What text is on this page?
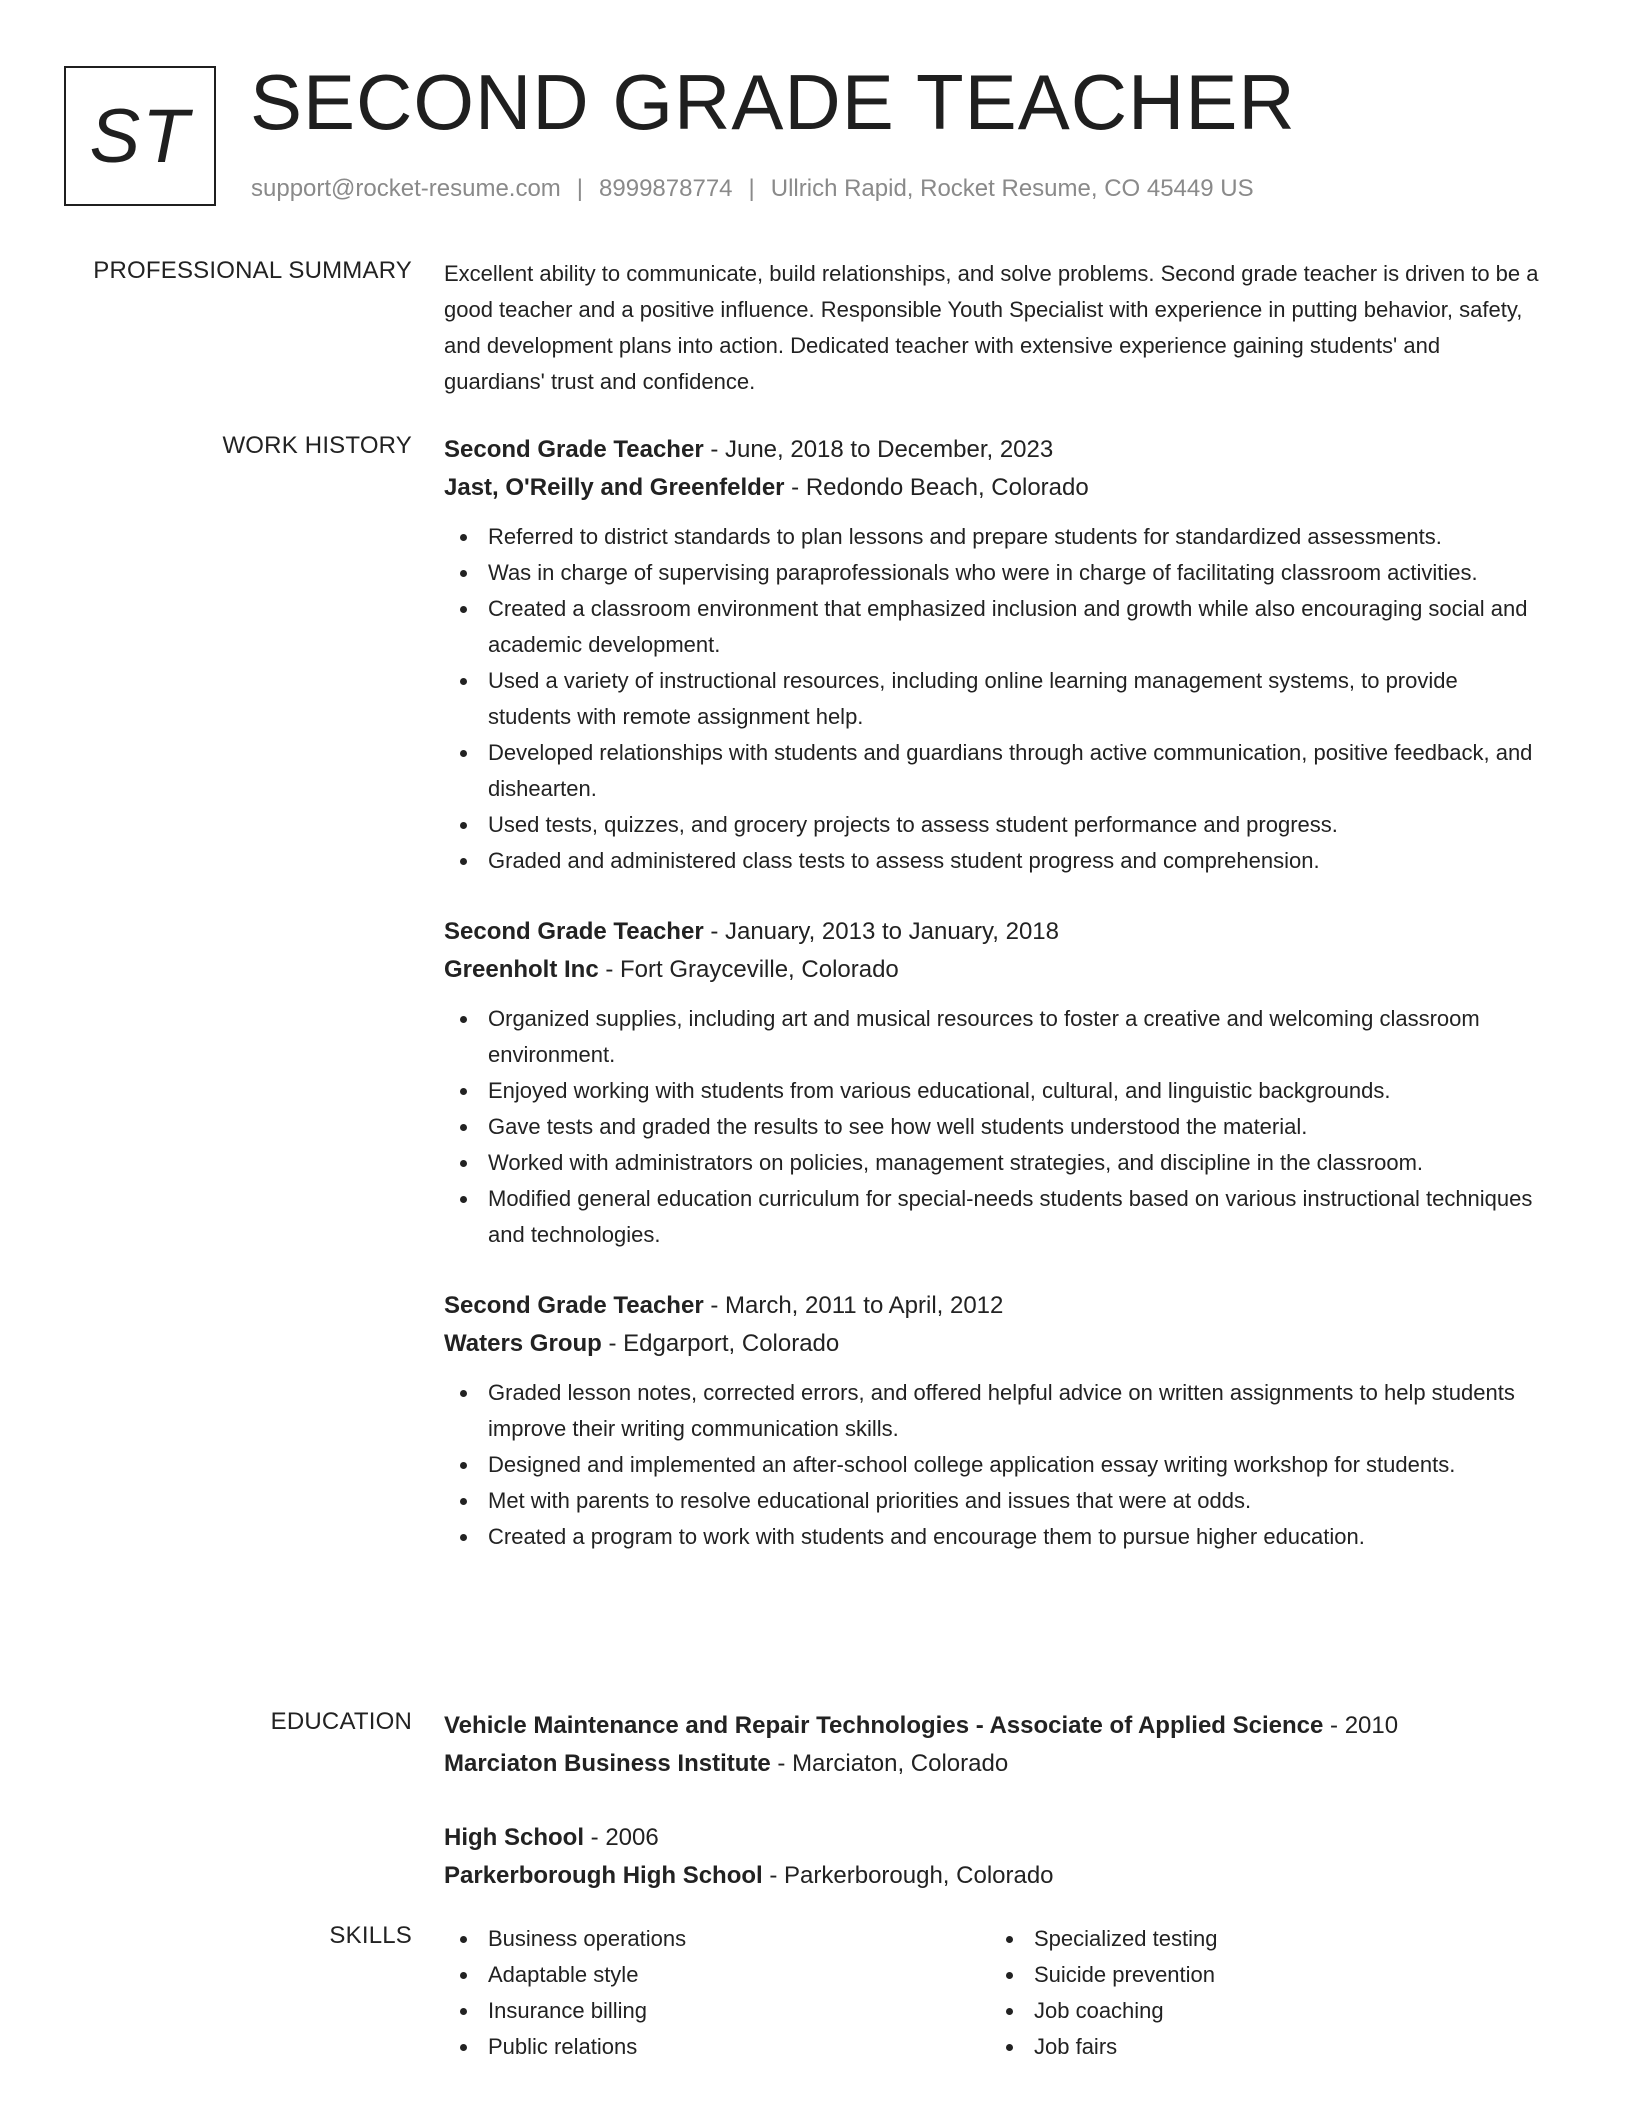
ST SECOND GRADE TEACHER
support@rocket-resume.com | 8999878774 | Ullrich Rapid, Rocket Resume, CO 45449 US
PROFESSIONAL SUMMARY Excellent ability to communicate, build relationships, and solve problems. Second grade teacher is driven to be a good teacher and a positive influence. Responsible Youth Specialist with experience in putting behavior, safety, and development plans into action. Dedicated teacher with extensive experience gaining students' and guardians' trust and confidence.

WORK HISTORY Second Grade Teacher - June, 2018 to December, 2023

Jast, O'Reilly and Greenfelder - Redondo Beach, Colorado

Referred to district standards to plan lessons and prepare students for standardized assessments.
Was in charge of supervising paraprofessionals who were in charge of facilitating classroom activities.
Created a classroom environment that emphasized inclusion and growth while also encouraging social and academic development.
Used a variety of instructional resources, including online learning management systems, to provide students with remote assignment help.
Developed relationships with students and guardians through active communication, positive feedback, and dishearten.
Used tests, quizzes, and grocery projects to assess student performance and progress.
Graded and administered class tests to assess student progress and comprehension.

Second Grade Teacher - January, 2013 to January, 2018

Greenholt Inc - Fort Grayceville, Colorado

Organized supplies, including art and musical resources to foster a creative and welcoming classroom environment.
Enjoyed working with students from various educational, cultural, and linguistic backgrounds.
Gave tests and graded the results to see how well students understood the material.
Worked with administrators on policies, management strategies, and discipline in the classroom.
Modified general education curriculum for special-needs students based on various instructional techniques and technologies.

Second Grade Teacher - March, 2011 to April, 2012

Waters Group - Edgarport, Colorado

Graded lesson notes, corrected errors, and offered helpful advice on written assignments to help students improve their writing communication skills.
Designed and implemented an after-school college application essay writing workshop for students.
Met with parents to resolve educational priorities and issues that were at odds.
Created a program to work with students and encourage them to pursue higher education.
EDUCATION Vehicle Maintenance and Repair Technologies - Associate of Applied Science - 2010

Marciaton Business Institute - Marciaton, Colorado

High School - 2006

Parkerborough High School - Parkerborough, Colorado

SKILLS	Business operations
Adaptable style
Insurance billing
Public relations
Specialized testing
Suicide prevention
Job coaching
Job fairs
